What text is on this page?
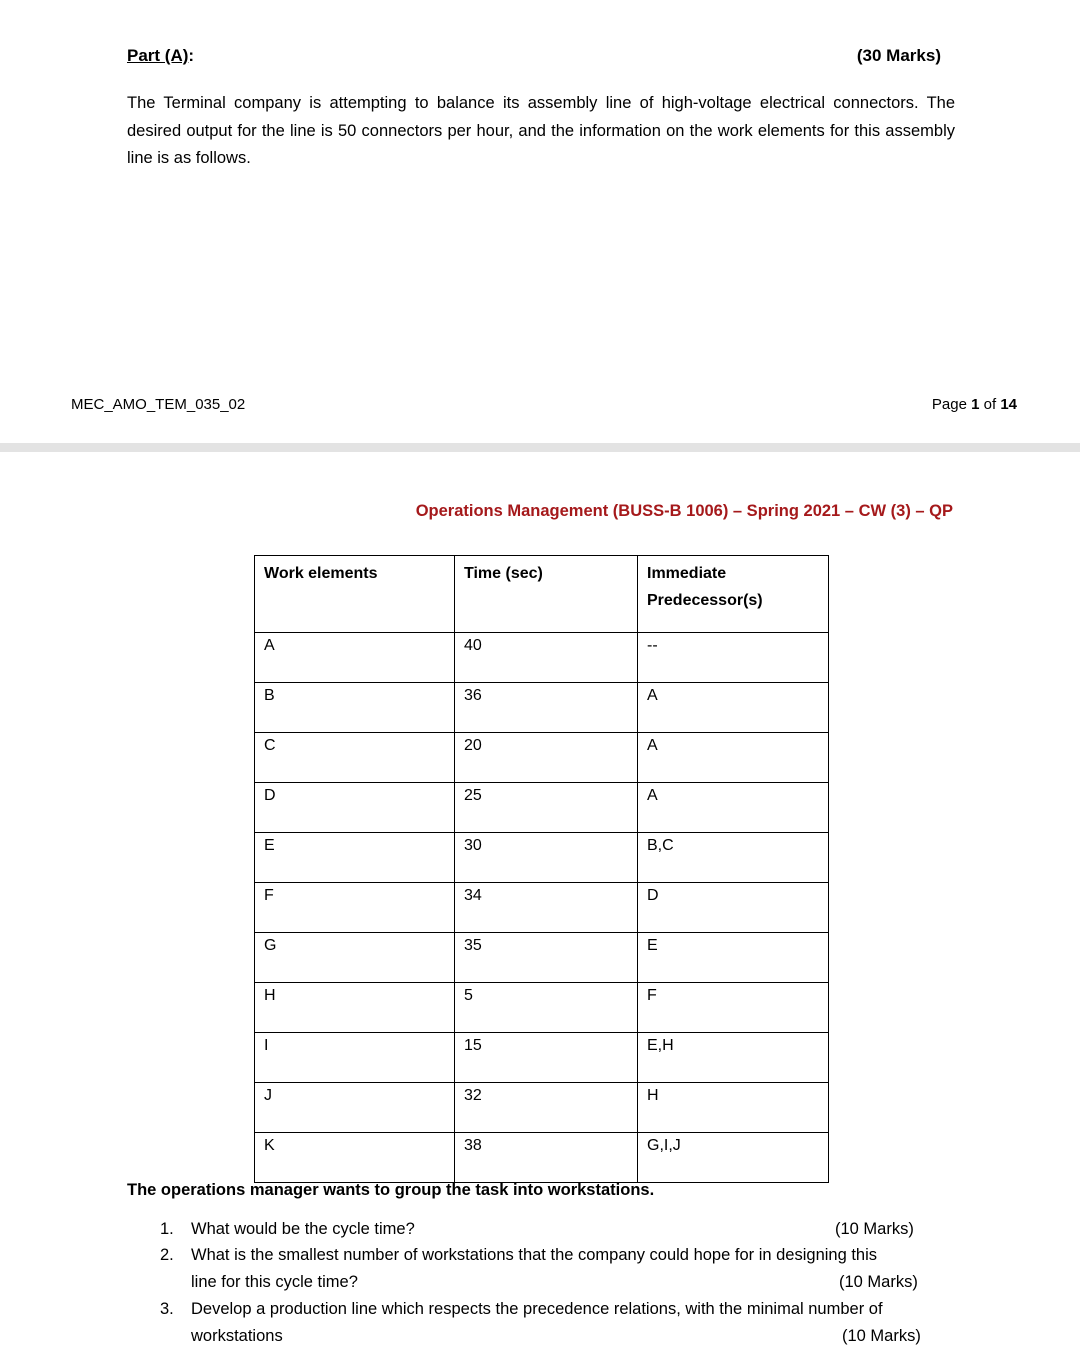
Part (A):	(30 Marks)
The Terminal company is attempting to balance its assembly line of high-voltage electrical connectors. The desired output for the line is 50 connectors per hour, and the information on the work elements for this assembly line is as follows.
MEC_AMO_TEM_035_02	Page 1 of 14
Operations Management (BUSS-B 1006) – Spring 2021 – CW (3) – QP
Work elements	Time (sec)	Immediate Predecessor(s)
A	40	--
B	36	A
C	20	A
D	25	A
E	30	B,C
F	34	D
G	35	E
H	5	F
I	15	E,H
J	32	H
K	38	G,I,J
The operations manager wants to group the task into workstations.
1. What would be the cycle time?	(10 Marks)
2. What is the smallest number of workstations that the company could hope for in designing this
line for this cycle time?	(10 Marks)
3. Develop a production line which respects the precedence relations, with the minimal number of
workstations	(10 Marks)
